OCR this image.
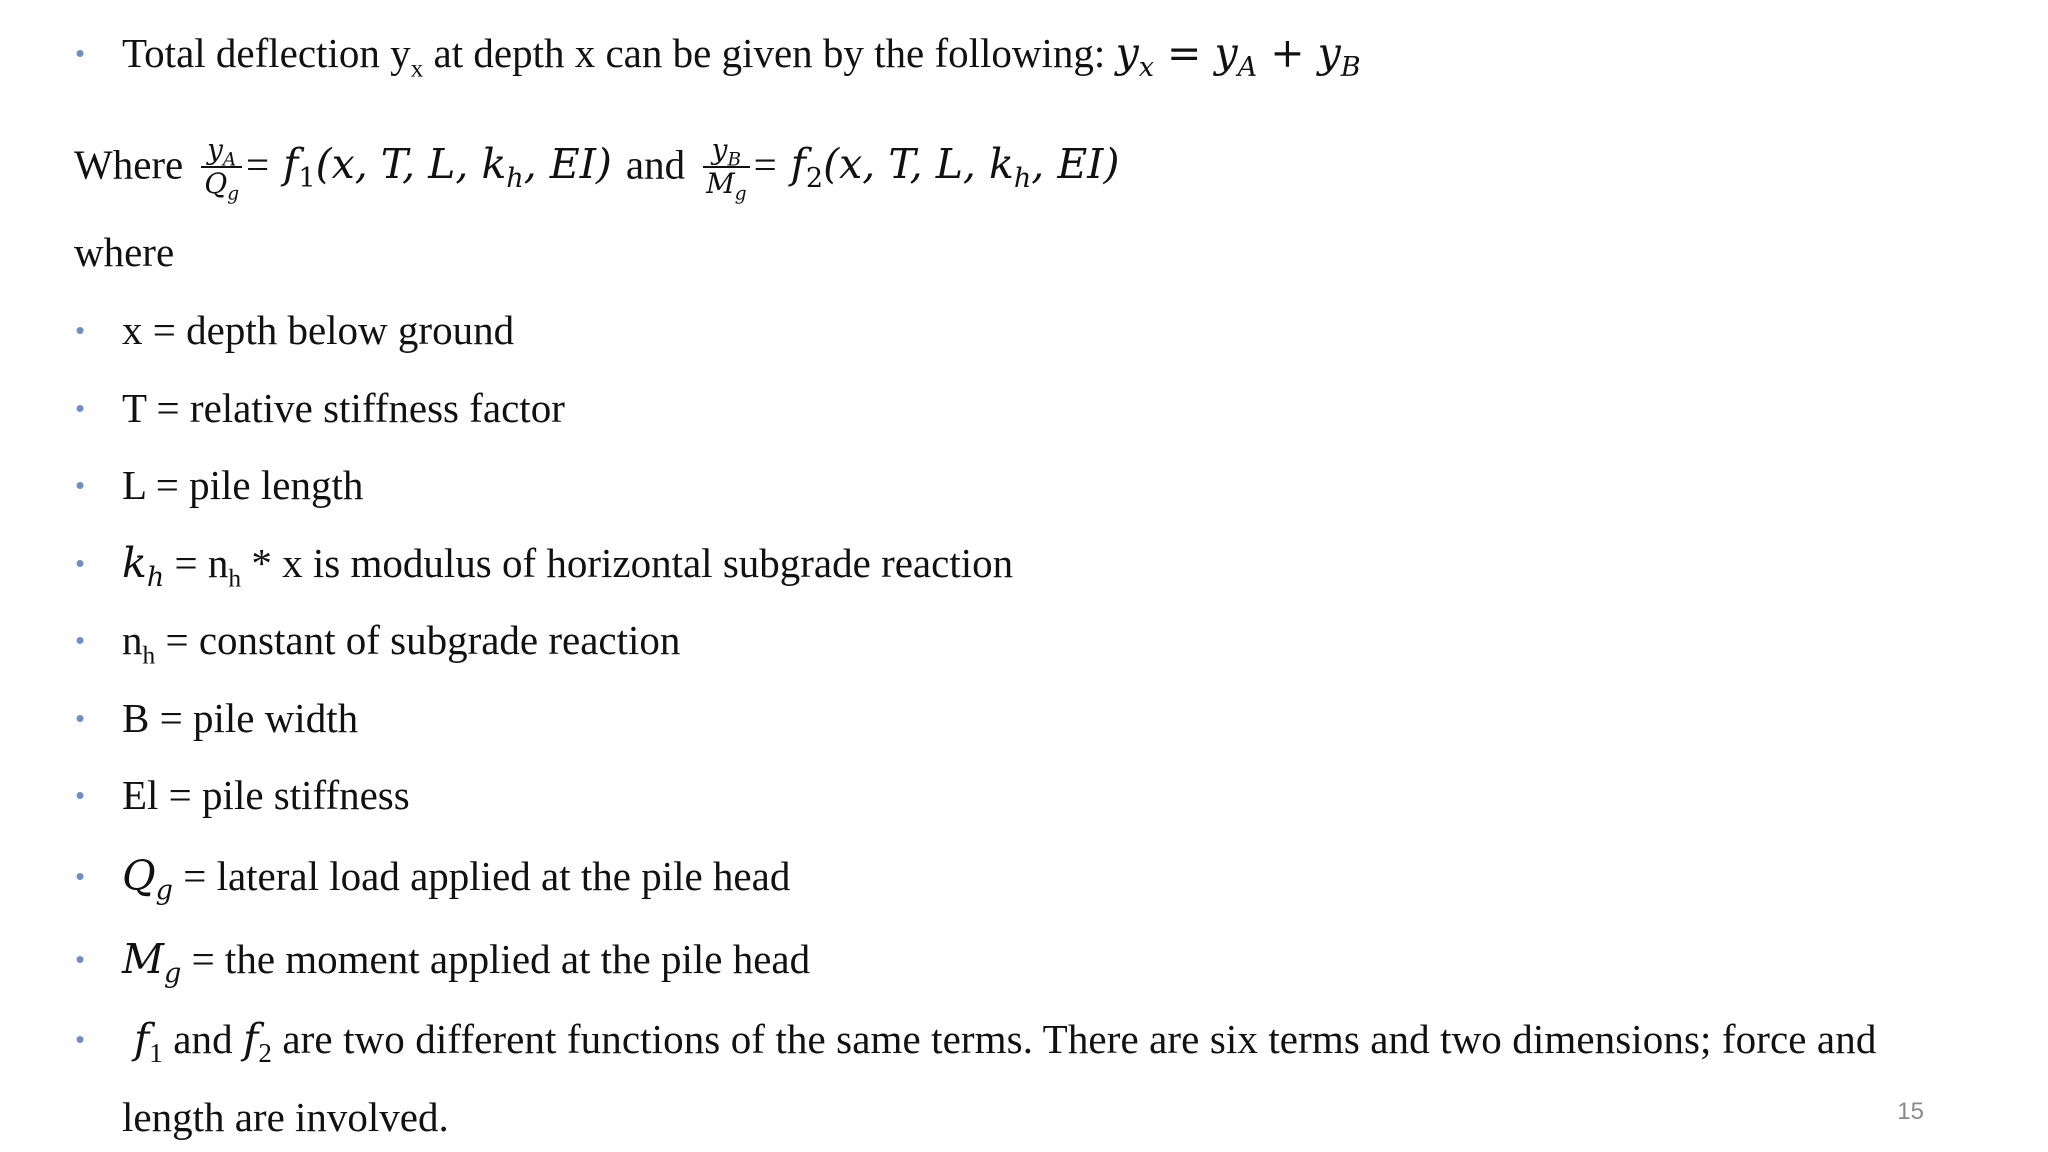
• Total deflection $y_x$ at depth x can be given by the following: $y_x = y_A + y_B$
Where $\frac{y_A}{Q_g} = f_1(x$, T, L, $k_h$, EI) and $\frac{y_B}{M_g} = f_2(x$, T, L, $k_h$, EI)
where
• x = depth below ground
• T = relative stiffness factor
• L = pile length
• $k_h = n_h * x$ is modulus of horizontal subgrade reaction
• $n_h$ = constant of subgrade reaction
• B = pile width
• El = pile stiffness
• $Q_g$ = lateral load applied at the pile head
• $M_g$ = the moment applied at the pile head
• $f_1$ and $f_2$ are two different functions of the same terms. There are six terms and two dimensions; force and
length are involved.	15
